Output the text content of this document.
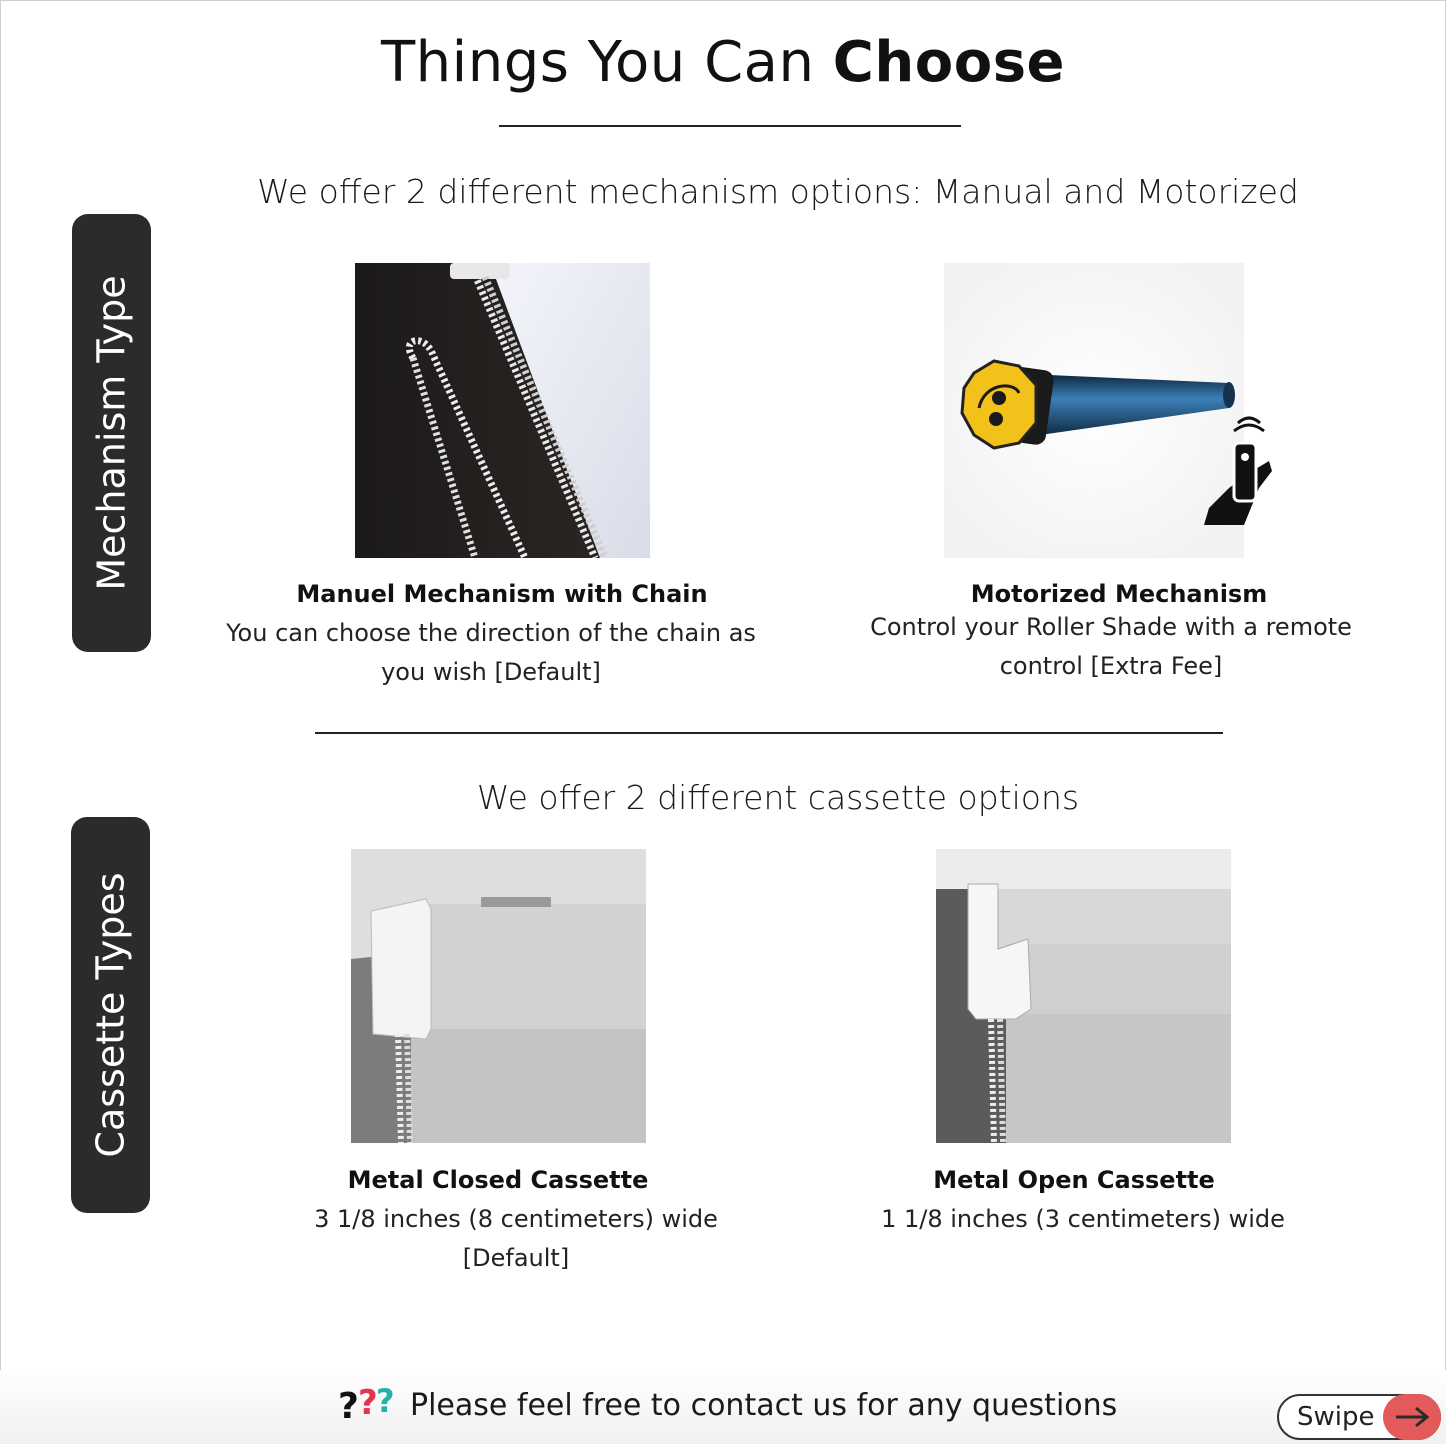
Things You Can Choose
Mechanism Type
We offer 2 different mechanism options: Manual and Motorized
Manuel Mechanism with Chain
You can choose the direction of the chain as
you wish [Default]
Motorized Mechanism
Control your Roller Shade with a remote
control [Extra Fee]
Cassette Types
We offer 2 different cassette options
Metal Closed Cassette
3 1/8 inches (8 centimeters) wide
[Default]
Metal Open Cassette
1 1/8 inches (3 centimeters) wide
? ?
? Please feel free to contact us for any questions	Swipe
